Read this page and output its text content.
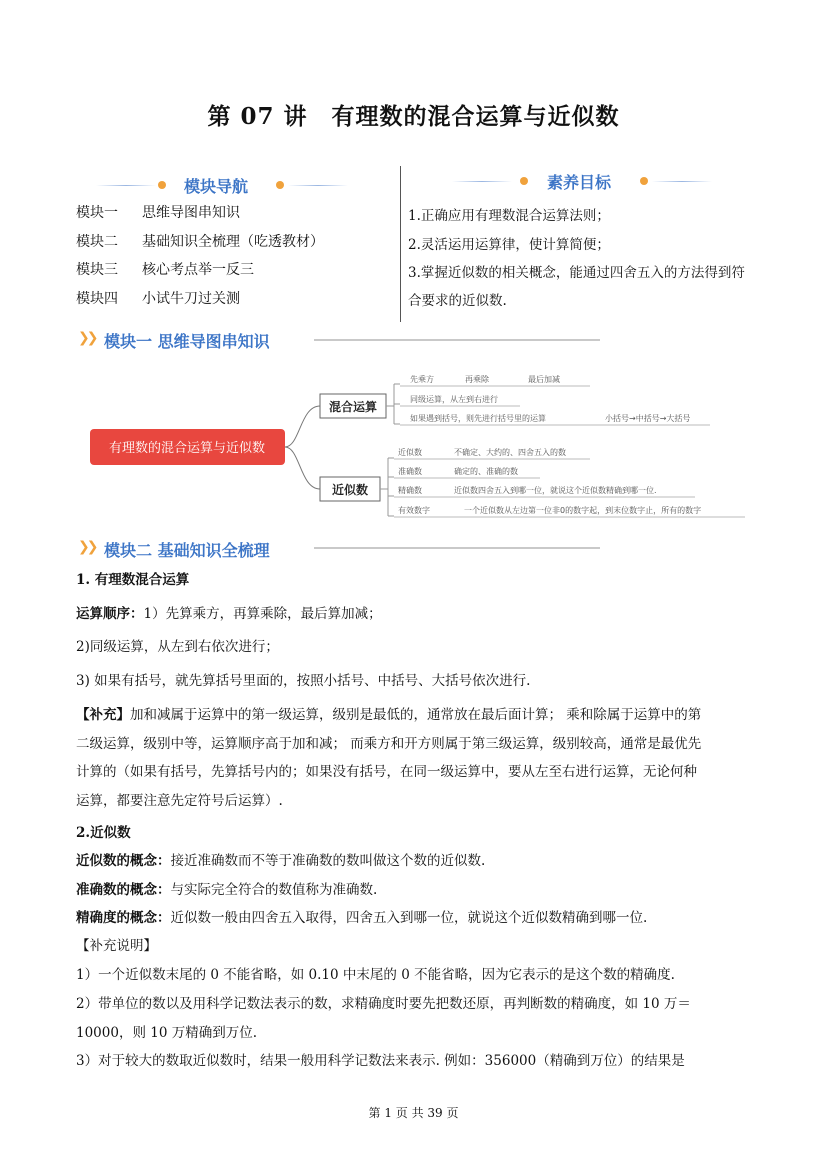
第 07 讲　有理数的混合运算与近似数
模块导航
模块一 思维导图串知识
模块二 基础知识全梳理（吃透教材）
模块三 核心考点举一反三
模块四 小试牛刀过关测
素养目标
1.正确应用有理数混合运算法则；
2.灵活运用运算律，使计算简便；
3.掌握近似数的相关概念，能通过四舍五入的方法得到符合要求的近似数.
❯❯ 模块一 思维导图串知识
有理数的混合运算与近似数
混合运算
先乘方	再乘除	最后加减
同级运算，从左到右进行
如果遇到括号，则先进行括号里的运算	小括号→中括号→大括号
近似数
近似数	不确定、大约的、四舍五入的数
准确数	确定的、准确的数
精确数	近似数四舍五入到哪一位，就说这个近似数精确到哪一位.
有效数字	一个近似数从左边第一位非0的数字起，到末位数字止，所有的数字
❯❯ 模块二 基础知识全梳理
1. 有理数混合运算
运算顺序：1）先算乘方，再算乘除，最后算加减；
2)同级运算，从左到右依次进行；
3) 如果有括号，就先算括号里面的，按照小括号、中括号、大括号依次进行.
【补充】加和减属于运算中的第一级运算，级别是最低的，通常放在最后面计算； 乘和除属于运算中的第
二级运算，级别中等，运算顺序高于加和减； 而乘方和开方则属于第三级运算，级别较高，通常是最优先
计算的（如果有括号，先算括号内的；如果没有括号，在同一级运算中，要从左至右进行运算，无论何种
运算，都要注意先定符号后运算）.
2.近似数
近似数的概念：接近准确数而不等于准确数的数叫做这个数的近似数.
准确数的概念：与实际完全符合的数值称为准确数.
精确度的概念：近似数一般由四舍五入取得，四舍五入到哪一位，就说这个近似数精确到哪一位.
【补充说明】
1）一个近似数末尾的 0 不能省略，如 0.10 中末尾的 0 不能省略，因为它表示的是这个数的精确度.
2）带单位的数以及用科学记数法表示的数，求精确度时要先把数还原，再判断数的精确度，如 10 万＝
10000，则 10 万精确到万位.
3）对于较大的数取近似数时，结果一般用科学记数法来表示. 例如：356000（精确到万位）的结果是
第 1 页 共 39 页
